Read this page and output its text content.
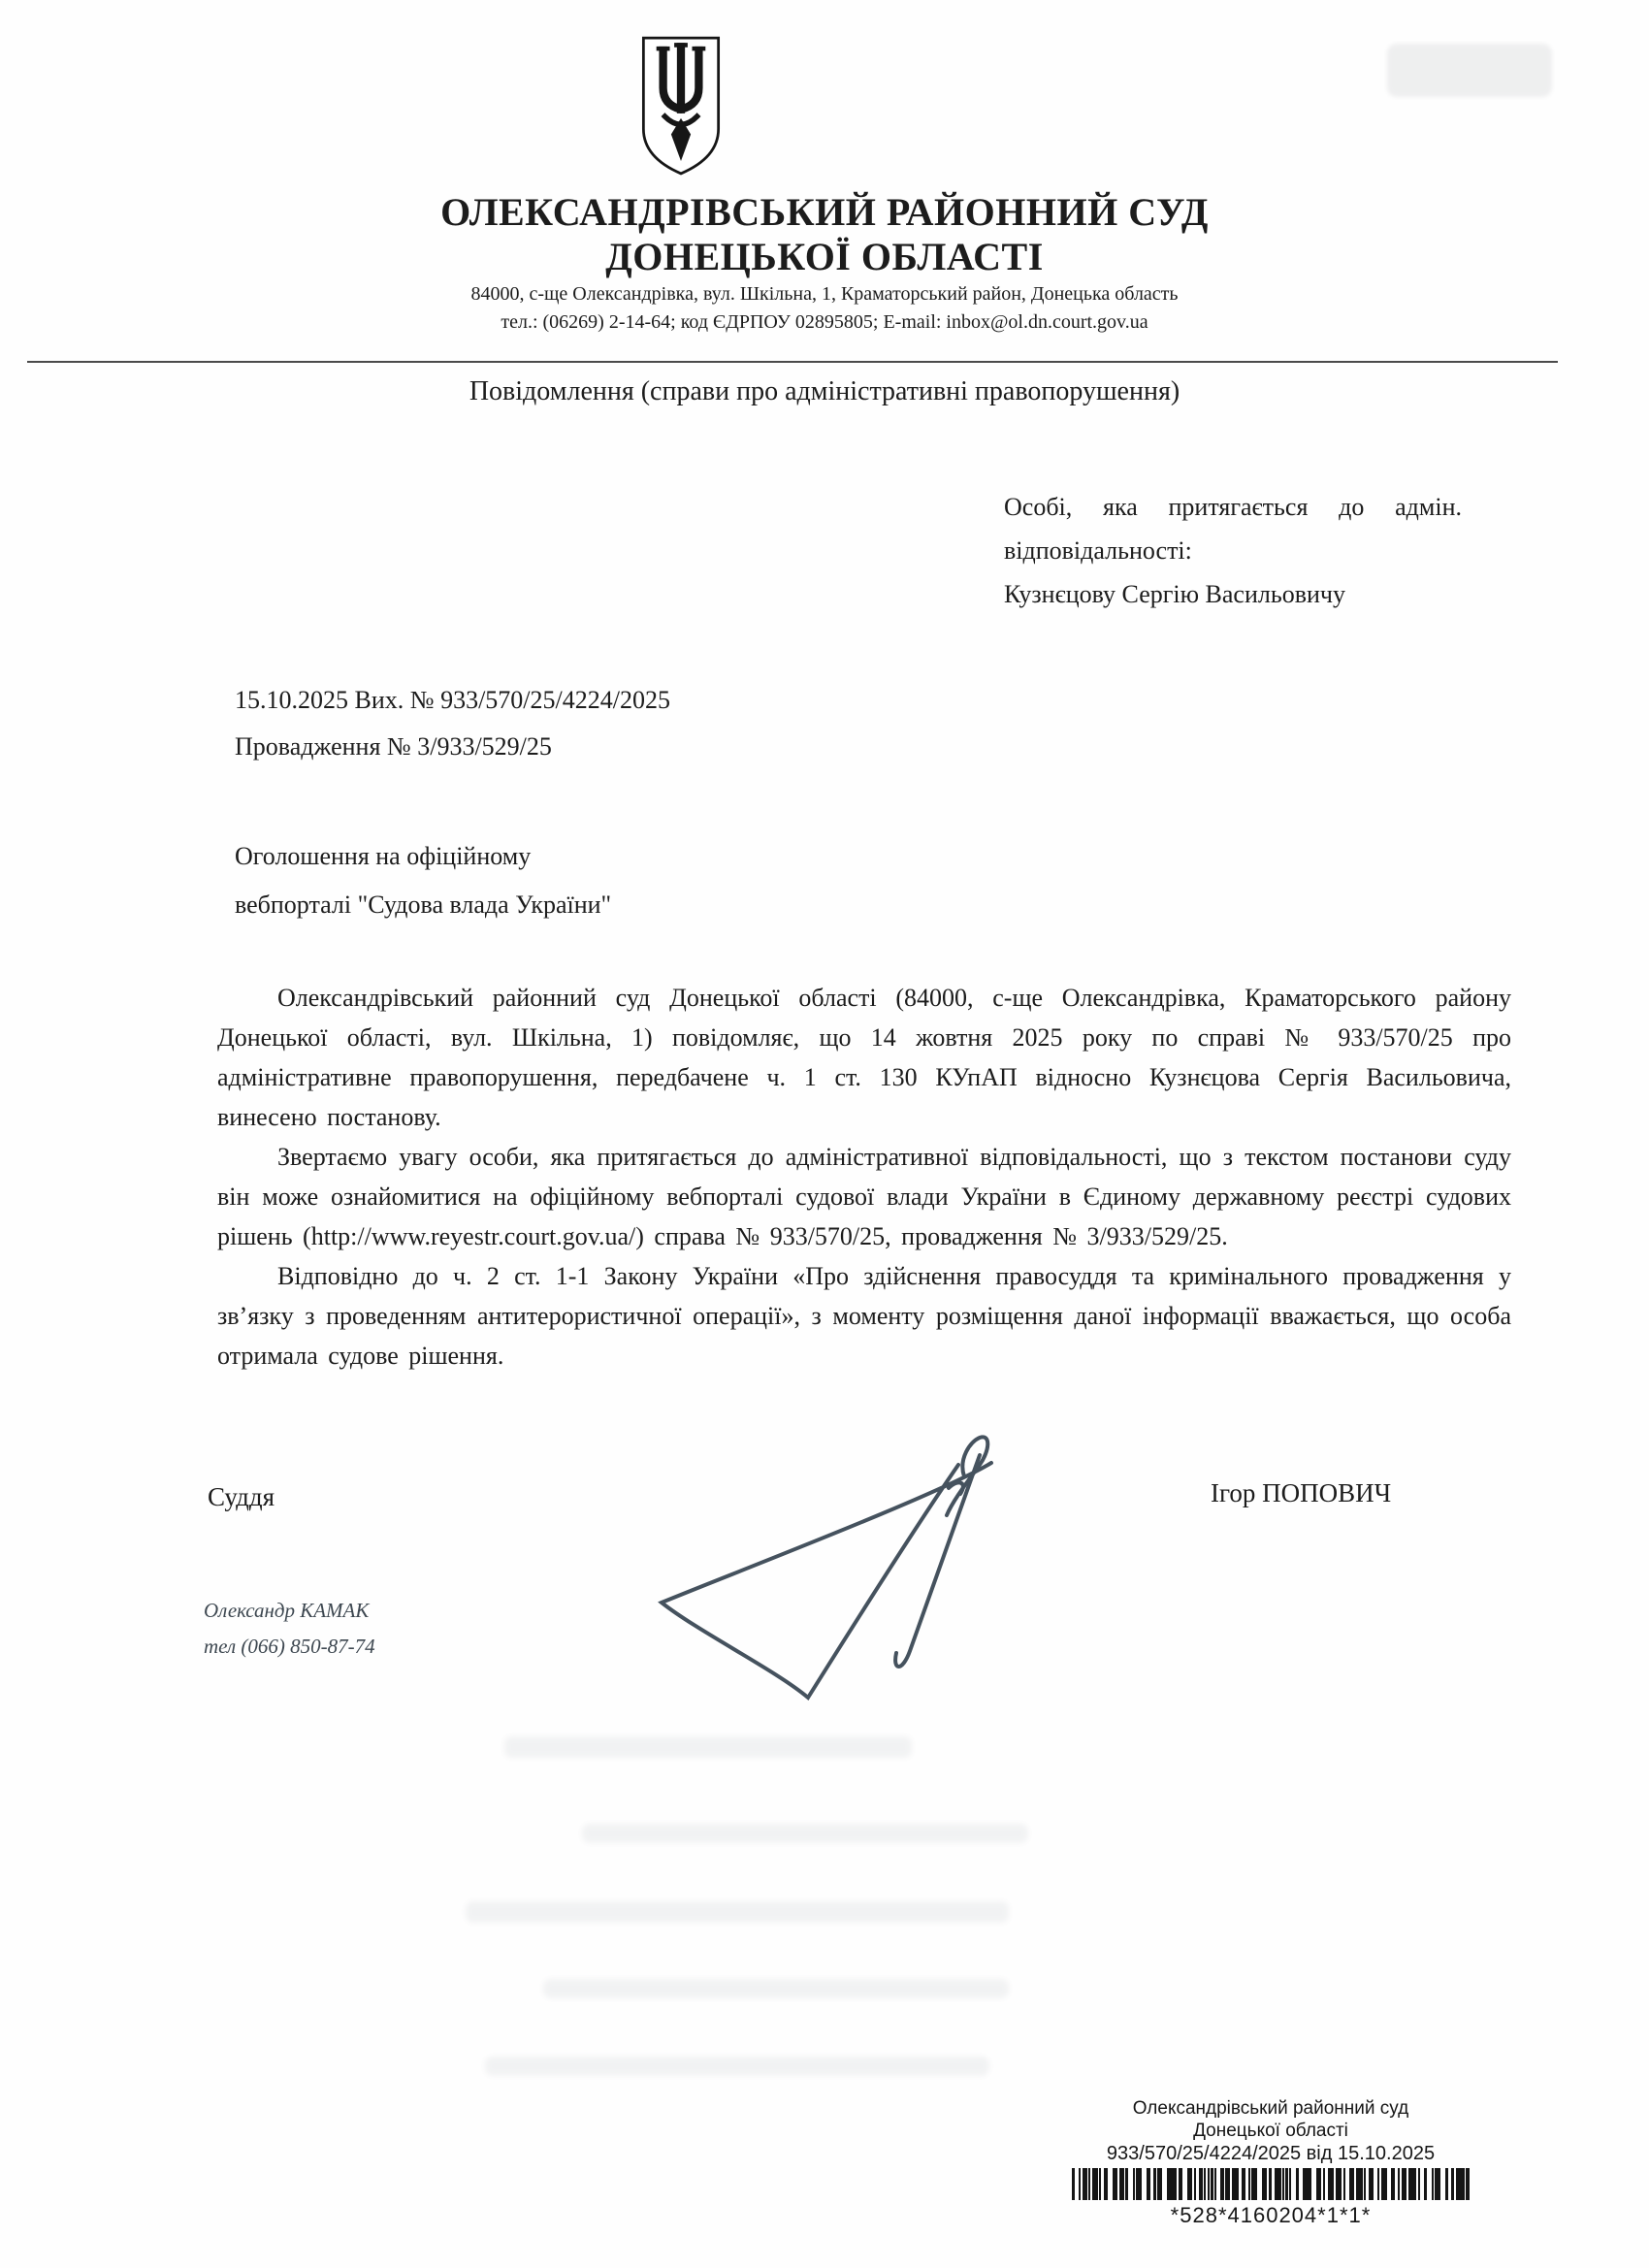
ОЛЕКСАНДРІВСЬКИЙ РАЙОННИЙ СУД
ДОНЕЦЬКОЇ ОБЛАСТІ
84000, с-ще Олександрівка, вул. Шкільна, 1, Краматорський район, Донецька область
тел.: (06269) 2-14-64; код ЄДРПОУ 02895805; E-mail: inbox@ol.dn.court.gov.ua
Повідомлення (справи про адміністративні правопорушення)
Особі, яка притягається до адмін.
відповідальності:
Кузнєцову Сергію Васильовичу
15.10.2025 Вих. № 933/570/25/4224/2025
Провадження № 3/933/529/25
Оголошення на офіційному
вебпорталі "Судова влада України"

Олександрівський районний суд Донецької області (84000, с-ще Олександрівка, Краматорського району Донецької області, вул. Шкільна, 1) повідомляє, що 14 жовтня 2025 року по справі № 933/570/25 про адміністративне правопорушення, передбачене ч. 1 ст. 130 КУпАП відносно Кузнєцова Сергія Васильовича, винесено постанову.

Звертаємо увагу особи, яка притягається до адміністративної відповідальності, що з текстом постанови суду він може ознайомитися на офіційному вебпорталі судової влади України в Єдиному державному реєстрі судових рішень (http://www.reyestr.court.gov.ua/) справа № 933/570/25, провадження № 3/933/529/25.

Відповідно до ч. 2 ст. 1-1 Закону України «Про здійснення правосуддя та кримінального провадження у зв’язку з проведенням антитерористичної операції», з моменту розміщення даної інформації вважається, що особа отримала судове рішення.

Суддя	Ігор ПОПОВИЧ
Олександр КАМАК
тел (066) 850-87-74
Олександрівський районний суд
Донецької області
933/570/25/4224/2025 від 15.10.2025
*528*4160204*1*1*
